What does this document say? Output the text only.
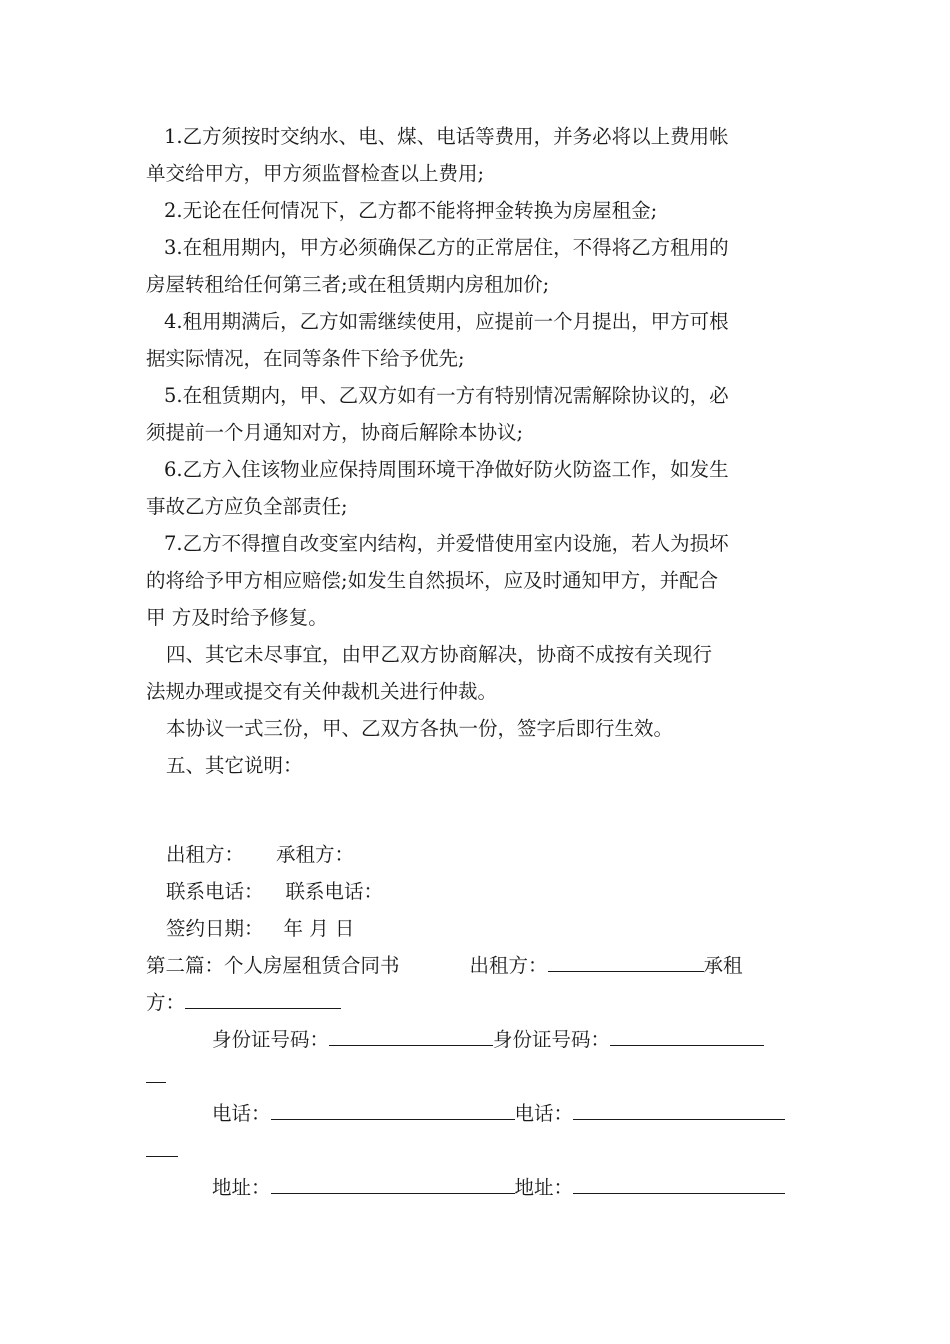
1.乙方须按时交纳水、电、煤、电话等费用，并务必将以上费用帐
单交给甲方，甲方须监督检查以上费用;
2.无论在任何情况下，乙方都不能将押金转换为房屋租金;
3.在租用期内，甲方必须确保乙方的正常居住，不得将乙方租用的
房屋转租给任何第三者;或在租赁期内房租加价;
4.租用期满后，乙方如需继续使用，应提前一个月提出，甲方可根
据实际情况，在同等条件下给予优先;
5.在租赁期内，甲、乙双方如有一方有特别情况需解除协议的，必
须提前一个月通知对方，协商后解除本协议;
6.乙方入住该物业应保持周围环境干净做好防火防盗工作，如发生
事故乙方应负全部责任;
7.乙方不得擅自改变室内结构，并爱惜使用室内设施，若人为损坏
的将给予甲方相应赔偿;如发生自然损坏，应及时通知甲方，并配合
甲 方及时给予修复。
四、其它未尽事宜，由甲乙双方协商解决，协商不成按有关现行
法规办理或提交有关仲裁机关进行仲裁。
本协议一式三份，甲、乙双方各执一份，签字后即行生效。
五、其它说明：
出租方： 承租方：
联系电话： 联系电话：
签约日期： 年 月 日
第二篇：个人房屋租赁合同书	出租方：	承租
方：
身份证号码：	身份证号码：
电话：	电话：
地址：	地址：
